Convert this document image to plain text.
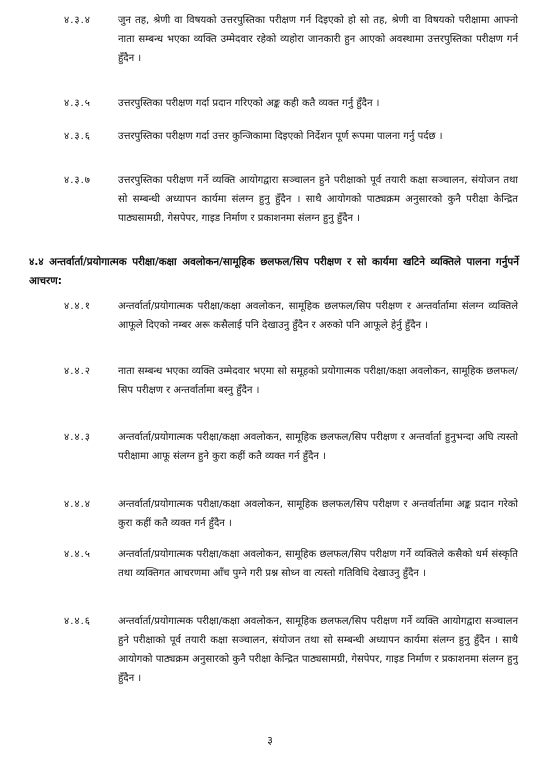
४.३.४	जुन तह, श्रेणी वा विषयको उत्तरपुस्तिका परीक्षण गर्न दिइएको हो सो तह, श्रेणी वा विषयको परीक्षामा आफ्नो नाता सम्बन्ध भएका व्यक्ति उम्मेदवार रहेको व्यहोरा जानकारी हुन आएको अवस्थामा उत्तरपुस्तिका परीक्षण गर्न हुँदैन ।
४.३.५	उत्तरपुस्तिका परीक्षण गर्दा प्रदान गरिएको अङ्क कही कतै व्यक्त गर्नु हुँदैन ।
४.३.६	उत्तरपुस्तिका परीक्षण गर्दा उत्तर कुन्जिकामा दिइएको निर्देशन पूर्ण रूपमा पालना गर्नु पर्दछ ।
४.३.७	उत्तरपुस्तिका परीक्षण गर्ने व्यक्ति आयोगद्वारा सञ्चालन हुने परीक्षाको पूर्व तयारी कक्षा सञ्चालन, संयोजन तथा सो सम्बन्धी अध्यापन कार्यमा संलग्न हुनु हुँदैन । साथै आयोगको पाठ्यक्रम अनुसारको कुनै परीक्षा केन्द्रित पाठ्यसामग्री, गेसपेपर, गाइड निर्माण र प्रकाशनमा संलग्न हुनु हुँदैन ।
४.४ अन्तर्वार्ता/प्रयोगात्मक परीक्षा/कक्षा अवलोकन/सामूहिक छलफल/सिप परीक्षण र सो कार्यमा खटिने व्यक्तिले पालना गर्नुपर्ने आचरण:
४.४.१	अन्तर्वार्ता/प्रयोगात्मक परीक्षा/कक्षा अवलोकन, सामूहिक छलफल/सिप परीक्षण र अन्तर्वार्तामा संलग्न व्यक्तिले आफूले दिएको नम्बर अरू कसैलाई पनि देखाउनु हुँदैन र अरुको पनि आफूले हेर्नु हुँदैन ।
४.४.२	नाता सम्बन्ध भएका व्यक्ति उम्मेदवार भएमा सो समूहको प्रयोगात्मक परीक्षा/कक्षा अवलोकन, सामूहिक छलफल/सिप परीक्षण र अन्तर्वार्तामा बस्नु हुँदैन ।
४.४.३	अन्तर्वार्ता/प्रयोगात्मक परीक्षा/कक्षा अवलोकन, सामूहिक छलफल/सिप परीक्षण र अन्तर्वार्ता हुनुभन्दा अघि त्यस्तो परीक्षामा आफू संलग्न हुने कुरा कहीं कतै व्यक्त गर्न हुँदैन ।
४.४.४	अन्तर्वार्ता/प्रयोगात्मक परीक्षा/कक्षा अवलोकन, सामूहिक छलफल/सिप परीक्षण र अन्तर्वार्तामा अङ्क प्रदान गरेको कुरा कहीं कतै व्यक्त गर्न हुँदैन ।
४.४.५	अन्तर्वार्ता/प्रयोगात्मक परीक्षा/कक्षा अवलोकन, सामूहिक छलफल/सिप परीक्षण गर्ने व्यक्तिले कसैको धर्म संस्कृति तथा व्यक्तिगत आचरणमा आँच पुग्ने गरी प्रश्न सोध्न वा त्यस्तो गतिविधि देखाउनु हुँदैन ।
४.४.६	अन्तर्वार्ता/प्रयोगात्मक परीक्षा/कक्षा अवलोकन, सामूहिक छलफल/सिप परीक्षण गर्ने व्यक्ति आयोगद्वारा सञ्चालन हुने परीक्षाको पूर्व तयारी कक्षा सञ्चालन, संयोजन तथा सो सम्बन्धी अध्यापन कार्यमा संलग्न हुनु हुँदैन । साथै आयोगको पाठ्यक्रम अनुसारको कुनै परीक्षा केन्द्रित पाठ्यसामग्री, गेसपेपर, गाइड निर्माण र प्रकाशनमा संलग्न हुनु हुँदैन ।
३
